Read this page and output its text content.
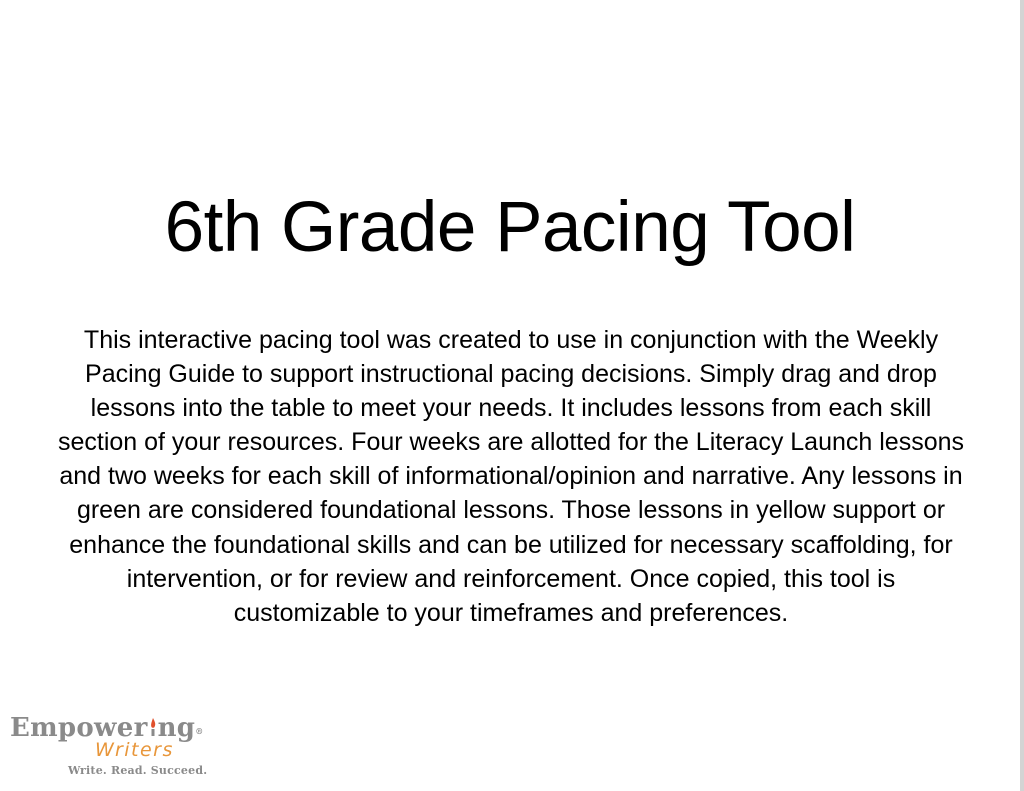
6th Grade Pacing Tool

This interactive pacing tool was created to use in conjunction with the Weekly Pacing Guide to support instructional pacing decisions. Simply drag and drop lessons into the table to meet your needs. It includes lessons from each skill section of your resources. Four weeks are allotted for the Literacy Launch lessons and two weeks for each skill of informational/opinion and narrative. Any lessons in green are considered foundational lessons. Those lessons in yellow support or enhance the foundational skills and can be utilized for necessary scaffolding, for intervention, or for review and reinforcement. Once copied, this tool is customizable to your timeframes and preferences.

Empower ng®
Writers
Write. Read. Succeed.
